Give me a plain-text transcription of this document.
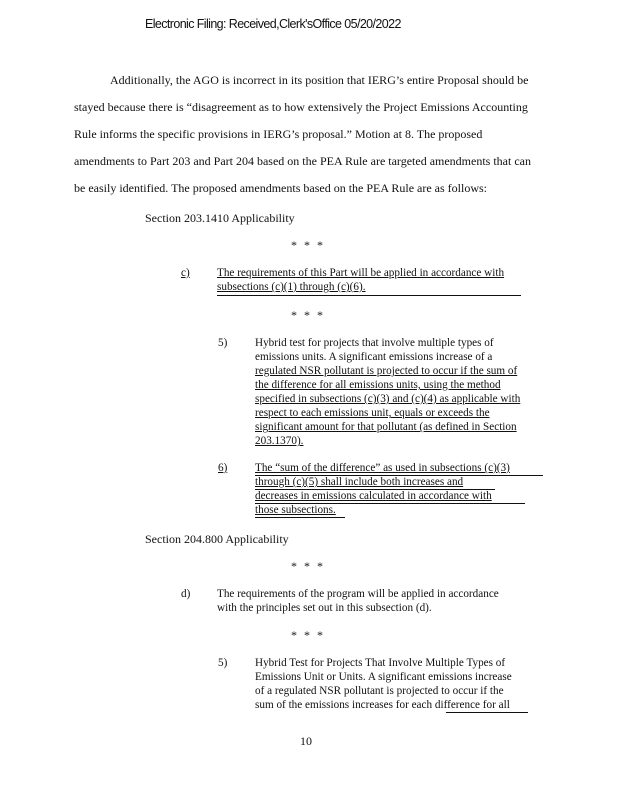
Electronic Filing: Received,Clerk'sOffice 05/20/2022
Additionally, the AGO is incorrect in its position that IERG’s entire Proposal should be
stayed because there is “disagreement as to how extensively the Project Emissions Accounting
Rule informs the specific provisions in IERG’s proposal.” Motion at 8. The proposed
amendments to Part 203 and Part 204 based on the PEA Rule are targeted amendments that can
be easily identified. The proposed amendments based on the PEA Rule are as follows:
Section 203.1410 Applicability
* * *
c) The requirements of this Part will be applied in accordance with
subsections (c)(1) through (c)(6).
* * *
5) Hybrid test for projects that involve multiple types of
emissions units. A significant emissions increase of a
regulated NSR pollutant is projected to occur if the sum of
the difference for all emissions units, using the method
specified in subsections (c)(3) and (c)(4) as applicable with
respect to each emissions unit, equals or exceeds the
significant amount for that pollutant (as defined in Section
203.1370).
6) The “sum of the difference” as used in subsections (c)(3)
through (c)(5) shall include both increases and
decreases in emissions calculated in accordance with
those subsections.
Section 204.800 Applicability
* * *
d) The requirements of the program will be applied in accordance
with the principles set out in this subsection (d).
* * *
5) Hybrid Test for Projects That Involve Multiple Types of
Emissions Unit or Units. A significant emissions increase
of a regulated NSR pollutant is projected to occur if the
sum of the emissions increases for each difference for all
10
